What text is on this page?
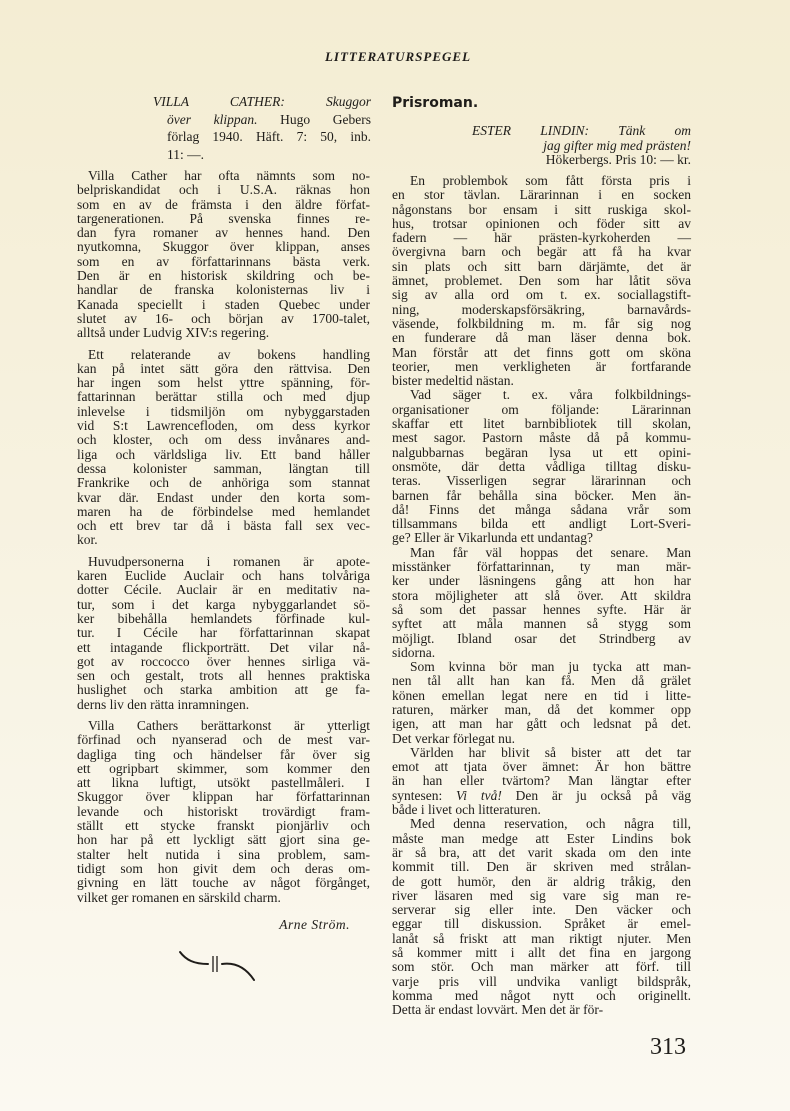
LITTERATURSPEGEL
VILLA CATHER: Skuggor
över klippan. Hugo Gebers
förlag 1940. Häft. 7: 50, inb.
11: —.
Villa Cather har ofta nämnts som no-
belpriskandidat och i U.S.A. räknas hon
som en av de främsta i den äldre förfat-
targenerationen. På svenska finnes re-
dan fyra romaner av hennes hand. Den
nyutkomna, Skuggor över klippan, anses
som en av författarinnans bästa verk.
Den är en historisk skildring och be-
handlar de franska kolonisternas liv i
Kanada speciellt i staden Quebec under
slutet av 16- och början av 1700-talet,
alltså under Ludvig XIV:s regering.
Ett relaterande av bokens handling
kan på intet sätt göra den rättvisa. Den
har ingen som helst yttre spänning, för-
fattarinnan berättar stilla och med djup
inlevelse i tidsmiljön om nybyggarstaden
vid S:t Lawrencefloden, om dess kyrkor
och kloster, och om dess invånares and-
liga och världsliga liv. Ett band håller
dessa kolonister samman, längtan till
Frankrike och de anhöriga som stannat
kvar där. Endast under den korta som-
maren ha de förbindelse med hemlandet
och ett brev tar då i bästa fall sex vec-
kor.
Huvudpersonerna i romanen är apote-
karen Euclide Auclair och hans tolvåriga
dotter Cécile. Auclair är en meditativ na-
tur, som i det karga nybyggarlandet sö-
ker bibehålla hemlandets förfinade kul-
tur. I Cécile har författarinnan skapat
ett intagande flickporträtt. Det vilar nå-
got av roccocco över hennes sirliga vä-
sen och gestalt, trots all hennes praktiska
huslighet och starka ambition att ge fa-
derns liv den rätta inramningen.
Villa Cathers berättarkonst är ytterligt
förfinad och nyanserad och de mest var-
dagliga ting och händelser får över sig
ett ogripbart skimmer, som kommer den
att likna luftigt, utsökt pastellmåleri. I
Skuggor över klippan har författarinnan
levande och historiskt trovärdigt fram-
ställt ett stycke franskt pionjärliv och
hon har på ett lyckligt sätt gjort sina ge-
stalter helt nutida i sina problem, sam-
tidigt som hon givit dem och deras om-
givning en lätt touche av något förgånget,
vilket ger romanen en särskild charm.
Arne Ström.
Prisroman.
ESTER LINDIN: Tänk om
jag gifter mig med prästen!
Hökerbergs. Pris 10: — kr.
En problembok som fått första pris i
en stor tävlan. Lärarinnan i en socken
någonstans bor ensam i sitt ruskiga skol-
hus, trotsar opinionen och föder sitt av
fadern — här prästen-kyrkoherden —
övergivna barn och begär att få ha kvar
sin plats och sitt barn därjämte, det är
ämnet, problemet. Den som har låtit söva
sig av alla ord om t. ex. sociallagstift-
ning, moderskapsförsäkring, barnavårds-
väsende, folkbildning m. m. får sig nog
en funderare då man läser denna bok.
Man förstår att det finns gott om sköna
teorier, men verkligheten är fortfarande
bister medeltid nästan.
Vad säger t. ex. våra folkbildnings-
organisationer om följande: Lärarinnan
skaffar ett litet barnbibliotek till skolan,
mest sagor. Pastorn måste då på kommu-
nalgubbarnas begäran lysa ut ett opini-
onsmöte, där detta vådliga tilltag disku-
teras. Visserligen segrar lärarinnan och
barnen får behålla sina böcker. Men än-
då! Finns det många sådana vrår som
tillsammans bilda ett andligt Lort-Sveri-
ge? Eller är Vikarlunda ett undantag?
Man får väl hoppas det senare. Man
misstänker författarinnan, ty man mär-
ker under läsningens gång att hon har
stora möjligheter att slå över. Att skildra
så som det passar hennes syfte. Här är
syftet att måla mannen så stygg som
möjligt. Ibland osar det Strindberg av
sidorna.
Som kvinna bör man ju tycka att man-
nen tål allt han kan få. Men då grälet
könen emellan legat nere en tid i litte-
raturen, märker man, då det kommer opp
igen, att man har gått och ledsnat på det.
Det verkar förlegat nu.
Världen har blivit så bister att det tar
emot att tjata över ämnet: Är hon bättre
än han eller tvärtom? Man längtar efter
syntesen: Vi två! Den är ju också på väg
både i livet och litteraturen.
Med denna reservation, och några till,
måste man medge att Ester Lindins bok
är så bra, att det varit skada om den inte
kommit till. Den är skriven med strålan-
de gott humör, den är aldrig tråkig, den
river läsaren med sig vare sig man re-
serverar sig eller inte. Den väcker och
eggar till diskussion. Språket är emel-
lanåt så friskt att man riktigt njuter. Men
så kommer mitt i allt det fina en jargong
som stör. Och man märker att förf. till
varje pris vill undvika vanligt bildspråk,
komma med något nytt och originellt.
Detta är endast lovvärt. Men det är för-
313
